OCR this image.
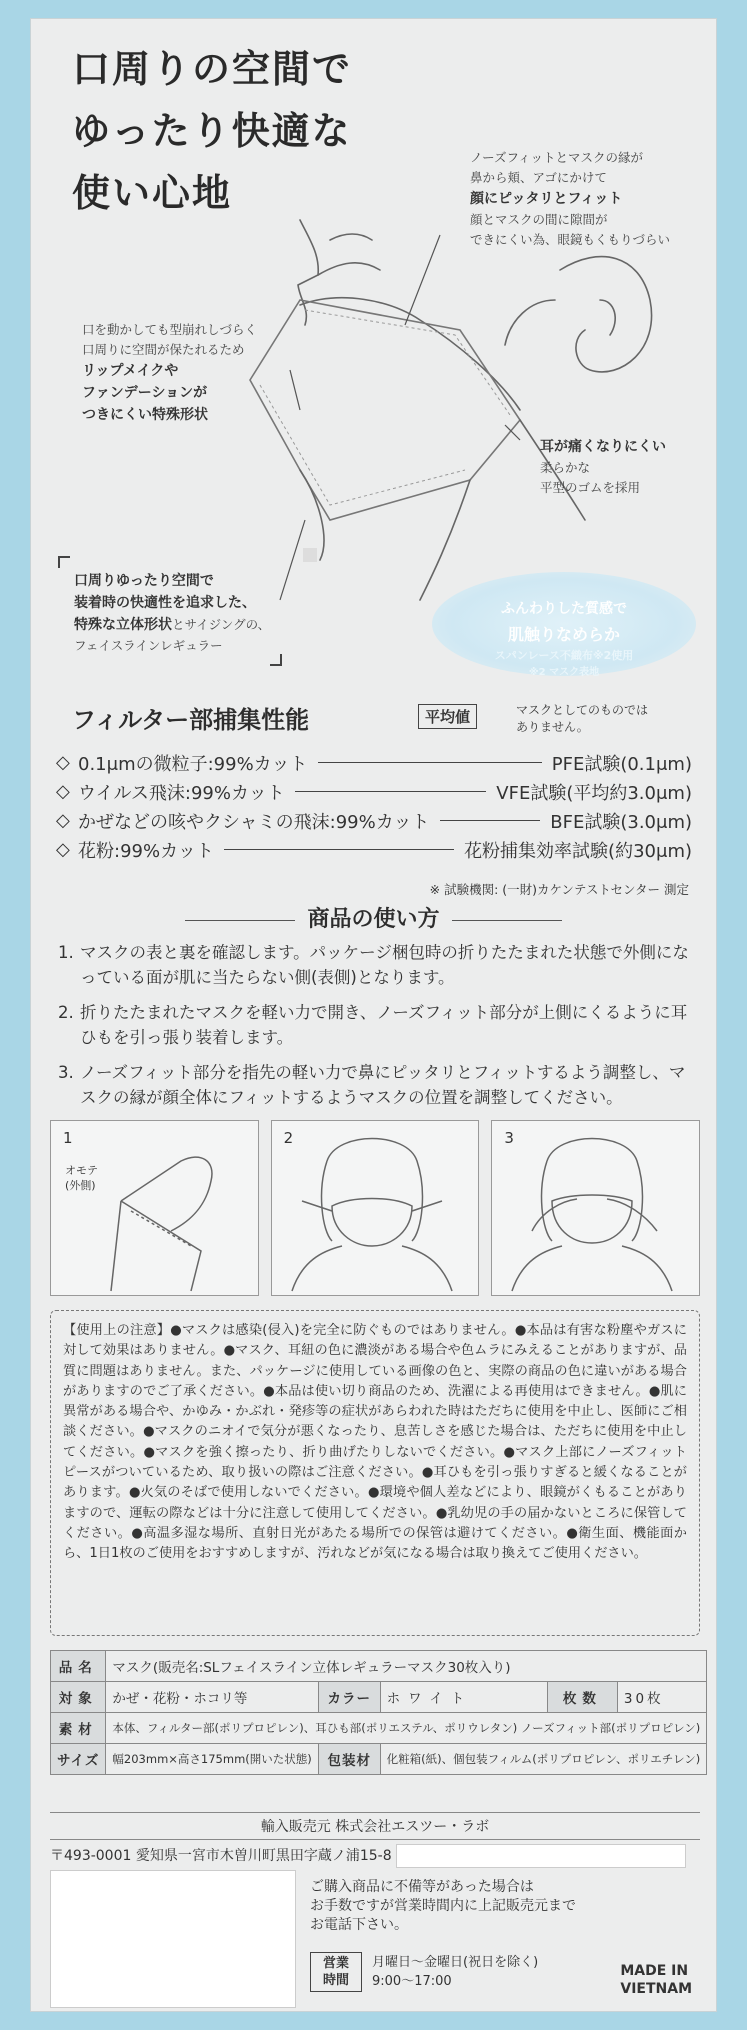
口周りの空間で
ゆったり快適な
使い心地
ノーズフィットとマスクの縁が
鼻から頬、アゴにかけて
顔にピッタリとフィット
顔とマスクの間に隙間が
できにくい為、眼鏡もくもりづらい
口を動かしても型崩れしづらく
口周りに空間が保たれるため
リップメイクや
ファンデーションが
つきにくい特殊形状
耳が痛くなりにくい
柔らかな
平型のゴムを採用
口周りゆったり空間で
装着時の快適性を追求した、
特殊な立体形状 とサイジングの、
フェイスラインレギュラー
ふんわりした質感で
肌触りなめらか
スパンレース不織布※2使用
※2 マスク表地
フィルター部捕集性能	平均値	マスクとしてのものでは
ありません。
◇ 0.1μmの微粒子:99%カット	PFE試験(0.1μm)
◇ ウイルス飛沫:99%カット	VFE試験(平均約3.0μm)
◇ かぜなどの咳やクシャミの飛沫:99%カット	BFE試験(3.0μm)
◇ 花粉:99%カット	花粉捕集効率試験(約30μm)
※ 試験機関: (一財)カケンテストセンター 測定
商品の使い方
1. マスクの表と裏を確認します。パッケージ梱包時の折りたたまれた状態で外側になっている面が肌に当たらない側(表側)となります。
2. 折りたたまれたマスクを軽い力で開き、ノーズフィット部分が上側にくるように耳ひもを引っ張り装着します。
3. ノーズフィット部分を指先の軽い力で鼻にピッタリとフィットするよう調整し、マスクの縁が顔全体にフィットするようマスクの位置を調整してください。
1
オモテ
(外側)
2	3
【使用上の注意】●マスクは感染(侵入)を完全に防ぐものではありません。●本品は有害な粉塵やガスに対して効果はありません。●マスク、耳紐の色に濃淡がある場合や色ムラにみえることがありますが、品質に問題はありません。また、パッケージに使用している画像の色と、実際の商品の色に違いがある場合がありますのでご了承ください。●本品は使い切り商品のため、洗濯による再使用はできません。●肌に異常がある場合や、かゆみ・かぶれ・発疹等の症状があらわれた時はただちに使用を中止し、医師にご相談ください。●マスクのニオイで気分が悪くなったり、息苦しさを感じた場合は、ただちに使用を中止してください。●マスクを強く擦ったり、折り曲げたりしないでください。●マスク上部にノーズフィットピースがついているため、取り扱いの際はご注意ください。●耳ひもを引っ張りすぎると緩くなることがあります。●火気のそばで使用しないでください。●環境や個人差などにより、眼鏡がくもることがありますので、運転の際などは十分に注意して使用してください。●乳幼児の手の届かないところに保管してください。●高温多湿な場所、直射日光があたる場所での保管は避けてください。●衛生面、機能面から、1日1枚のご使用をおすすめしますが、汚れなどが気になる場合は取り換えてご使用ください。
品名	マスク(販売名:SLフェイスライン立体レギュラーマスク30枚入り)				
対象	かぜ・花粉・ホコリ等	カラー	ホワイト	枚数	30枚
素材	本体、フィルター部(ポリプロピレン)、耳ひも部(ポリエステル、ポリウレタン) ノーズフィット部(ポリプロピレン)				
サイズ	幅203mm×高さ175mm(開いた状態)	包装材	化粧箱(紙)、個包装フィルム(ポリプロピレン、ポリエチレン)		
輸入販売元 株式会社エスツー・ラボ
〒493-0001 愛知県一宮市木曽川町黒田字蔵ノ浦15-8
ご購入商品に不備等があった場合は
お手数ですが営業時間内に上記販売元まで
お電話下さい。
営業
時間
月曜日～金曜日(祝日を除く)
9:00～17:00
MADE IN
VIETNAM
